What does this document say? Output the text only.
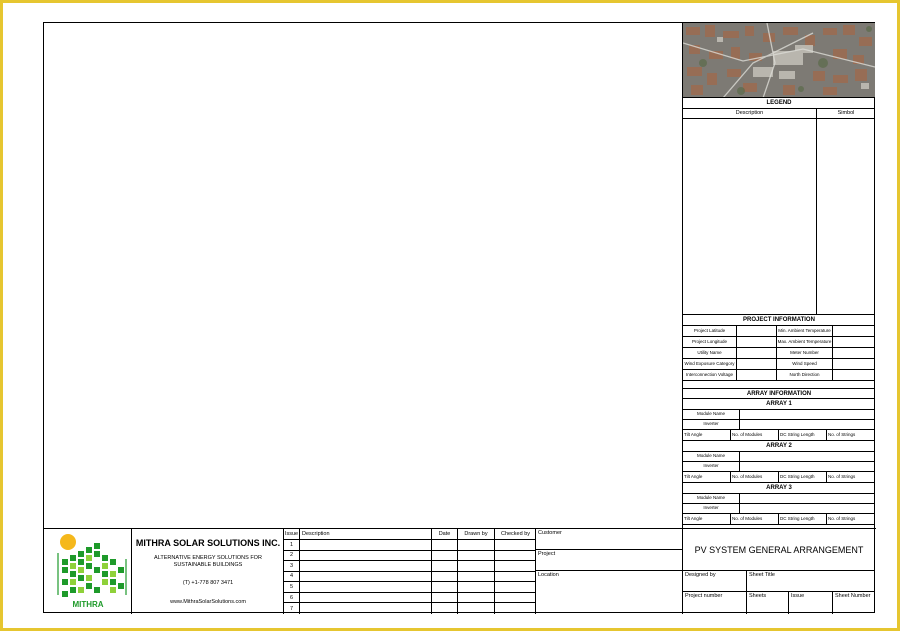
LEGEND
Description	Simbol
PROJECT INFORMATION
Project Latitude	Min. Ambient Temperature
Project Longitude	Max. Ambient Temperature
Utility Name	Meter Number
Wind Exposure Category	Wind Speed
Interconnection Voltage	North Direction
ARRAY INFORMATION
ARRAY 1
Module Name
Inverter
Tilt Angle	No. of Modules	DC String Length	No. of Strings
ARRAY 2
Module Name
Inverter
Tilt Angle	No. of Modules	DC String Length	No. of Strings
ARRAY 3
Module Name
Inverter
Tilt Angle	No. of Modules	DC String Length	No. of Strings
MITHRA
MITHRA SOLAR SOLUTIONS INC.
ALTERNATIVE ENERGY SOLUTIONS FOR
SUSTAINABLE BUILDINGS
(T) +1-778 807 3471
www.MithraSolarSolutions.com
Issue Description	Date	Drawn by	Checked by
1
2
3
4
5
6
7
Customer
Project
Location
PV SYSTEM GENERAL ARRANGEMENT
Designed by	Sheet Title
Project number	Sheets	Issue	Sheet Number
